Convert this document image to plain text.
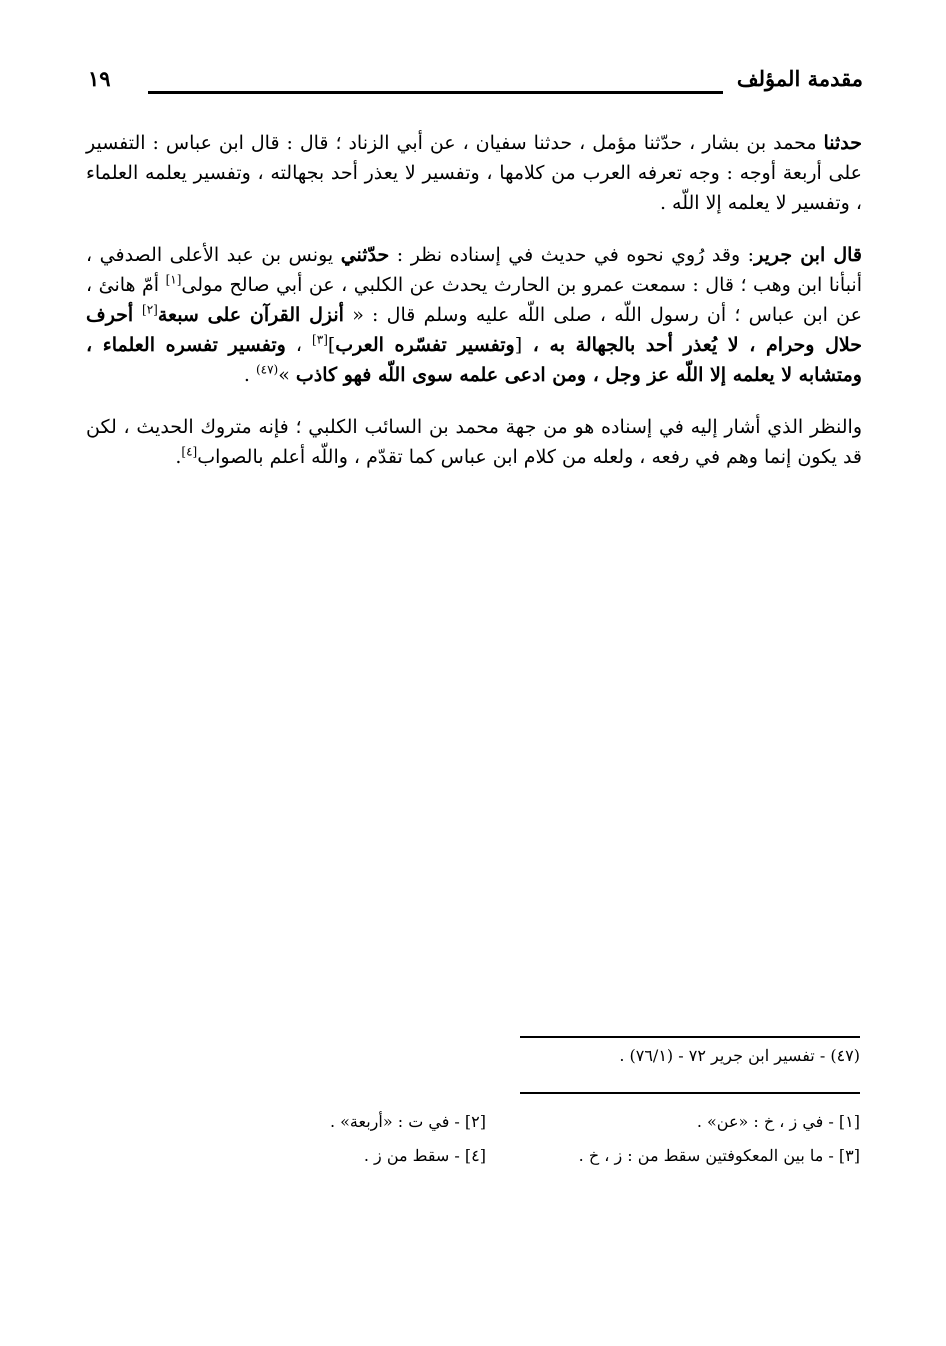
مقدمة المؤلف
١٩

حدثنا محمد بن بشار ، حدّثنا مؤمل ، حدثنا سفيان ، عن أبي الزناد ؛ قال : قال ابن عباس : التفسير على أربعة أوجه : وجه تعرفه العرب من كلامها ، وتفسير لا يعذر أحد بجهالته ، وتفسير يعلمه العلماء ، وتفسير لا يعلمه إلا اللّه .

قال ابن جرير: وقد رُوي نحوه في حديث في إسناده نظر : حدّثني يونس بن عبد الأعلى الصدفي ، أنبأنا ابن وهب ؛ قال : سمعت عمرو بن الحارث يحدث عن الكلبي ، عن أبي صالح مولى[١] أمّ هانئ ، عن ابن عباس ؛ أن رسول اللّه ، صلى اللّه عليه وسلم قال : « أنزل القرآن على سبعة[٢] أحرف حلال وحرام ، لا يُعذر أحد بالجهالة به ، [وتفسير تفسّره العرب][٣] ، وتفسير تفسره العلماء ، ومتشابه لا يعلمه إلا اللّه عز وجل ، ومن ادعى علمه سوى اللّه فهو كاذب »$^{(٤٧)}$ .

والنظر الذي أشار إليه في إسناده هو من جهة محمد بن السائب الكلبي ؛ فإنه متروك الحديث ، لكن قد يكون إنما وهم في رفعه ، ولعله من كلام ابن عباس كما تقدّم ، واللّه أعلم بالصواب[٤].

(٤٧) - تفسير ابن جرير ٧٢ - (٧٦/١) .
[١] - في ز ، خ : «عن» .
[٢] - في ت : «أربعة» .
[٣] - ما بين المعكوفتين سقط من : ز ، خ .
[٤] - سقط من ز .
